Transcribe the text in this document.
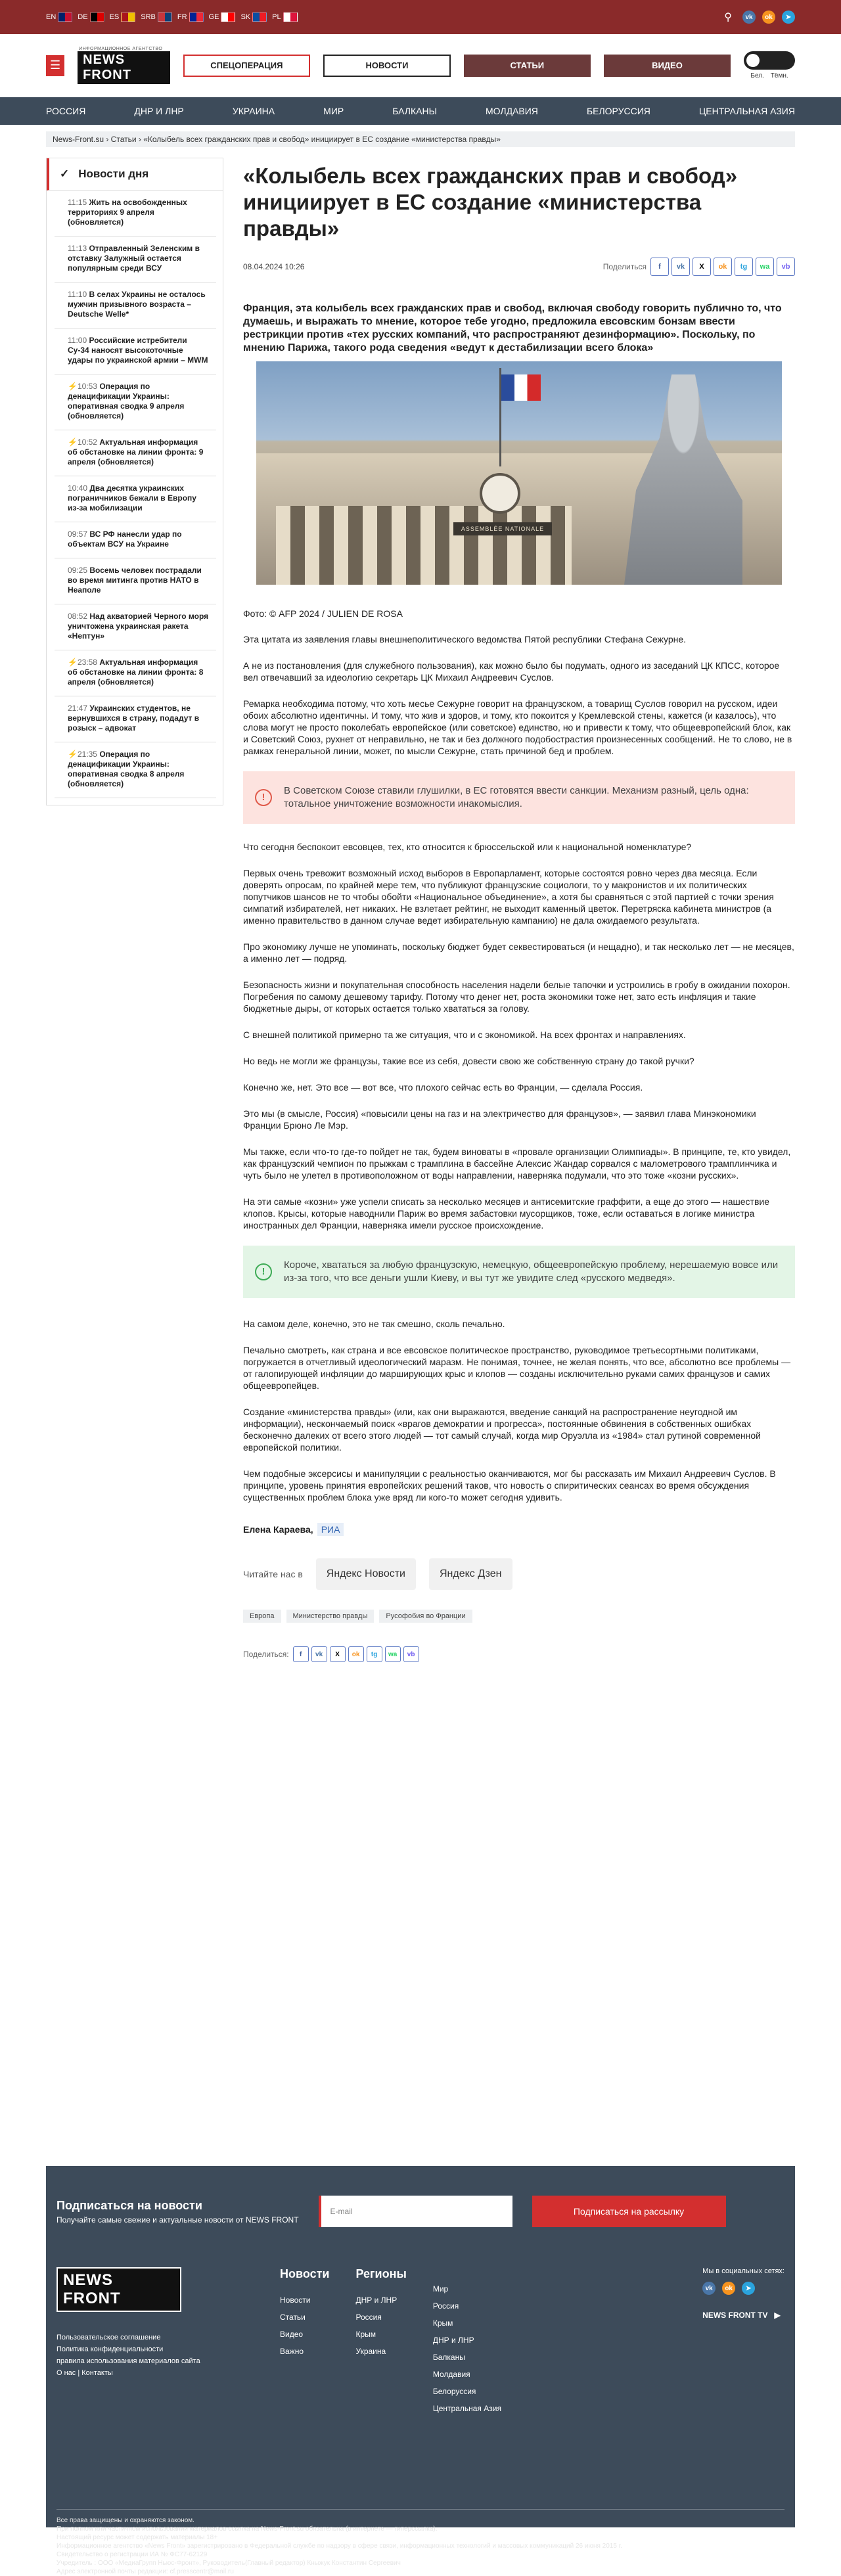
EN	DE	ES	SRB	FR	GE	SK	PL	⚲	vk	ok	➤
☰
ИНФОРМАЦИОННОЕ АГЕНТСТВО
NEWS FRONT
СПЕЦОПЕРАЦИЯ	НОВОСТИ	СТАТЬИ	ВИДЕО
Бел. Тёмн.
РОССИЯ	ДНР И ЛНР	УКРАИНА	МИР	БАЛКАНЫ	МОЛДАВИЯ	БЕЛОРУССИЯ	ЦЕНТРАЛЬНАЯ АЗИЯ
News-Front.su › Статьи › «Колыбель всех гражданских прав и свобод» инициирует в ЕС создание «министерства правды»
✓ Новости дня
11:15 Жить на освобожденных территориях 9 апреля (обновляется)
11:13 Отправленный Зеленским в отставку Залужный остается популярным среди ВСУ
11:10 В селах Украины не осталось мужчин призывного возраста – Deutsche Welle*
11:00 Российские истребители Су-34 наносят высокоточные удары по украинской армии – MWM
⚡10:53 Операция по денацификации Украины: оперативная сводка 9 апреля (обновляется)
⚡10:52 Актуальная информация об обстановке на линии фронта: 9 апреля (обновляется)
10:40 Два десятка украинских пограничников бежали в Европу из-за мобилизации
09:57 ВС РФ нанесли удар по объектам ВСУ на Украине
09:25 Восемь человек пострадали во время митинга против НАТО в Неаполе
08:52 Над акваторией Черного моря уничтожена украинская ракета «Нептун»
⚡23:58 Актуальная информация об обстановке на линии фронта: 8 апреля (обновляется)
21:47 Украинских студентов, не вернувшихся в страну, подадут в розыск – адвокат
⚡21:35 Операция по денацификации Украины: оперативная сводка 8 апреля (обновляется)
«Колыбель всех гражданских прав и свобод» инициирует в ЕС создание «министерства правды»
08.04.2024 10:26	Поделиться	f	vk	X	ok	tg	wa	vb

Франция, эта колыбель всех гражданских прав и свобод, включая свободу говорить публично то, что думаешь, и выражать то мнение, которое тебе угодно, предложила евсовским бонзам ввести рестрикции против «тех русских компаний, что распространяют дезинформацию». Поскольку, по мнению Парижа, такого рода сведения «ведут к дестабилизации всего блока»

ASSEMBLÉE NATIONALE

Фото: © AFP 2024 / JULIEN DE ROSA

Эта цитата из заявления главы внешнеполитического ведомства Пятой республики Стефана Сежурне.

А не из постановления (для служебного пользования), как можно было бы подумать, одного из заседаний ЦК КПСС, которое вел отвечавший за идеологию секретарь ЦК Михаил Андреевич Суслов.

Ремарка необходима потому, что хоть месье Сежурне говорит на французском, а товарищ Суслов говорил на русском, идеи обоих абсолютно идентичны. И тому, что жив и здоров, и тому, кто покоится у Кремлевской стены, кажется (и казалось), что слова могут не просто поколебать европейское (или советское) единство, но и привести к тому, что общеевропейский блок, как и Советский Союз, рухнет от неправильно, не так и без должного подобострастия произнесенных сообщений. Не то слово, не в рамках генеральной линии, может, по мысли Сежурне, стать причиной бед и проблем.

!
В Советском Союзе ставили глушилки, в ЕС готовятся ввести санкции. Механизм разный, цель одна: тотальное уничтожение возможности инакомыслия.

Что сегодня беспокоит евсовцев, тех, кто относится к брюссельской или к национальной номенклатуре?

Первых очень тревожит возможный исход выборов в Европарламент, которые состоятся ровно через два месяца. Если доверять опросам, по крайней мере тем, что публикуют французские социологи, то у макронистов и их политических попутчиков шансов не то чтобы обойти «Национальное объединение», а хотя бы сравняться с этой партией с точки зрения симпатий избирателей, нет никаких. Не взлетает рейтинг, не выходит каменный цветок. Перетряска кабинета министров (а именно правительство в данном случае ведет избирательную кампанию) не дала ожидаемого результата.

Про экономику лучше не упоминать, поскольку бюджет будет секвестироваться (и нещадно), и так несколько лет — не месяцев, а именно лет — подряд.

Безопасность жизни и покупательная способность населения надели белые тапочки и устроились в гробу в ожидании похорон. Погребения по самому дешевому тарифу. Потому что денег нет, роста экономики тоже нет, зато есть инфляция и такие бюджетные дыры, от которых остается только хвататься за голову.

С внешней политикой примерно та же ситуация, что и с экономикой. На всех фронтах и направлениях.

Но ведь не могли же французы, такие все из себя, довести свою же собственную страну до такой ручки?

Конечно же, нет. Это все — вот все, что плохого сейчас есть во Франции, — сделала Россия.

Это мы (в смысле, Россия) «повысили цены на газ и на электричество для французов», — заявил глава Минэкономики Франции Брюно Ле Мэр.

Мы также, если что-то где-то пойдет не так, будем виноваты в «провале организации Олимпиады». В принципе, те, кто увидел, как французский чемпион по прыжкам с трамплина в бассейне Алексис Жандар сорвался с малометрового трамплинчика и чуть было не улетел в противоположном от воды направлении, наверняка подумали, что это тоже «козни русских».

На эти самые «козни» уже успели списать за несколько месяцев и антисемитские граффити, а еще до этого — нашествие клопов. Крысы, которые наводнили Париж во время забастовки мусорщиков, тоже, если оставаться в логике министра иностранных дел Франции, наверняка имели русское происхождение.

!
Короче, хвататься за любую французскую, немецкую, общеевропейскую проблему, нерешаемую вовсе или из-за того, что все деньги ушли Киеву, и вы тут же увидите след «русского медведя».

На самом деле, конечно, это не так смешно, сколь печально.

Печально смотреть, как страна и все евсовское политическое пространство, руководимое третьесортными политиками, погружается в отчетливый идеологический маразм. Не понимая, точнее, не желая понять, что все, абсолютно все проблемы — от галопирующей инфляции до марширующих крыс и клопов — созданы исключительно руками самих французов и самих общеевропейцев.

Создание «министерства правды» (или, как они выражаются, введение санкций на распространение неугодной им информации), нескончаемый поиск «врагов демократии и прогресса», постоянные обвинения в собственных ошибках бесконечно далеких от всего этого людей — тот самый случай, когда мир Оруэлла из «1984» стал рутиной современной европейской политики.

Чем подобные эксерсисы и манипуляции с реальностью оканчиваются, мог бы рассказать им Михаил Андреевич Суслов. В принципе, уровень принятия европейских решений таков, что новость о спиритических сеансах во время обсуждения существенных проблем блока уже вряд ли кого-то может сегодня удивить.

Елена Караева, РИА
Читайте нас в	Яндекс Новости	Яндекс Дзен
Европа	Министерство правды	Русофобия во Франции
Поделиться:	f	vk	X	ok	tg	wa	vb
Подписаться на новости

Получайте самые свежие и актуальные новости от NEWS FRONT

E-mail	Подписаться на рассылку
NEWS FRONT
Пользовательское соглашение
Политика конфиденциальности
правила использования материалов сайта
О нас | Контакты
Новости
Новости
Статьи
Видео
Важно
Регионы
ДНР и ЛНР
Россия
Крым
Украина
Мир
Россия
Крым
ДНР и ЛНР
Балканы
Молдавия
Белоруссия
Центральная Азия
Мы в социальных сетях:
vk	ok	➤
NEWS FRONT TV ▶
Все права защищены и охраняются законом.
При полном или частичном использовании материалов ссылка на News-Front.su обязательна (в интернете — гиперссылка).
Настоящий ресурс может содержать материалы 18+
Информационное агентство «News Front» зарегистрировано в Федеральной службе по надзору в сфере связи, информационных технологий и массовых коммуникаций 26 июня 2015 г.
Свидетельство о регистрации ИА № ФС77-62129
Учредитель : ООО «МедиаГрупп Ньюс-Фронт», Руководитель(Главный редактор) Кныжук Константин Сергеевич
Адрес электронной почты редакции: cf.presscentr@mail.ru
